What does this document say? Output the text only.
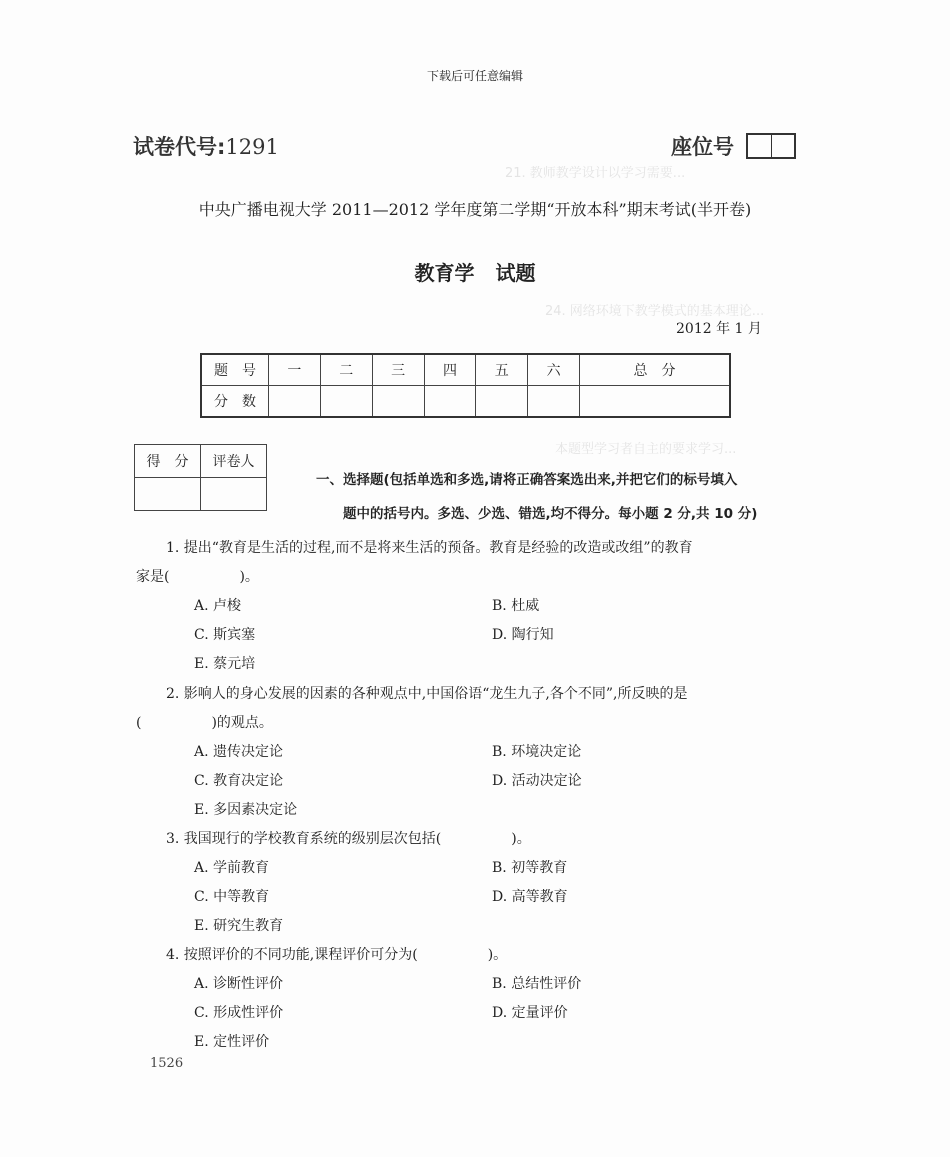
21. 教师教学设计以学习需要...
24. 网络环境下教学模式的基本理论...
本题型学习者自主的要求学习...
下载后可任意编辑
试卷代号:1291	座位号
中央广播电视大学 2011—2012 学年度第二学期“开放本科”期末考试(半开卷)
教育学 试题
2012 年 1 月
题　号	一	二	三	四	五	六	总　分
分　数							
得　分	评卷人

一、选择题(包括单选和多选,请将正确答案选出来,并把它们的标号填入
题中的括号内。多选、少选、错选,均不得分。每小题 2 分,共 10 分)
1. 提出“教育是生活的过程,而不是将来生活的预备。教育是经验的改造或改组”的教育
家是(　　　　　)。
A. 卢梭	B. 杜威
C. 斯宾塞	D. 陶行知
E. 蔡元培
2. 影响人的身心发展的因素的各种观点中,中国俗语“龙生九子,各个不同”,所反映的是
(　　　　　)的观点。
A. 遗传决定论	B. 环境决定论
C. 教育决定论	D. 活动决定论
E. 多因素决定论
3. 我国现行的学校教育系统的级别层次包括(　　　　　)。
A. 学前教育	B. 初等教育
C. 中等教育	D. 高等教育
E. 研究生教育
4. 按照评价的不同功能,课程评价可分为(　　　　　)。
A. 诊断性评价	B. 总结性评价
C. 形成性评价	D. 定量评价
E. 定性评价
1526
